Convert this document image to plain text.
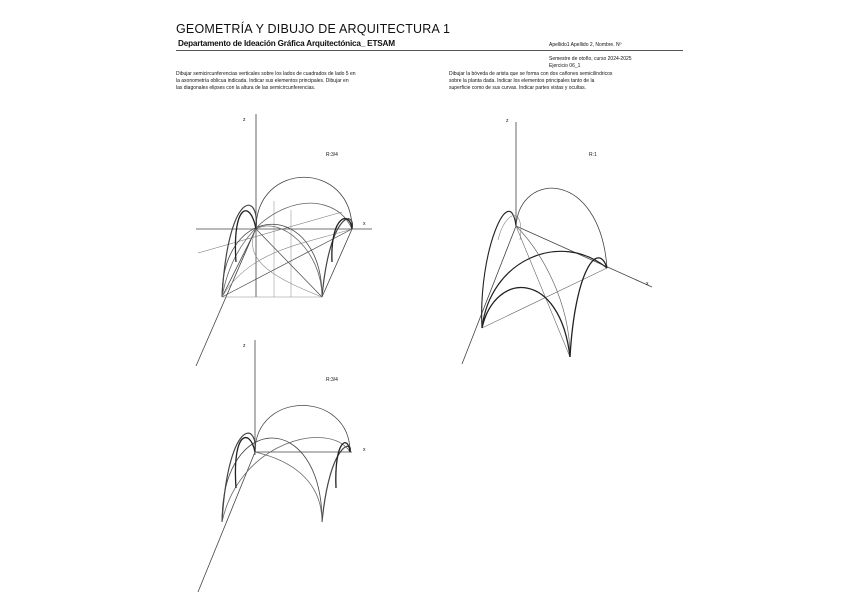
GEOMETRÍA Y DIBUJO DE ARQUITECTURA 1
Departamento de Ideación Gráfica Arquitectónica_ ETSAM	Apellido1 Apellido 2, Nombre. Nº
Semestre de otoño, curso 2024-2025
Ejercicio 06_1
Dibujar semicircunferencias verticales sobre los lados de cuadrados de lado 5 en
la axonometría oblicua indicada. Indicar sus elementos principales. Dibujar en
las diagonales elipses con la altura de las semicircunferencias.
Dibujar la bóveda de arista que se forma con dos cañones semicilíndricos
sobre la planta dada. Indicar los elementos principales tanto de la
superficie como de sus curvas. Indicar partes vistas y ocultas.
z
x
R:3/4
z
x
R:1
z
x
R:3/4
